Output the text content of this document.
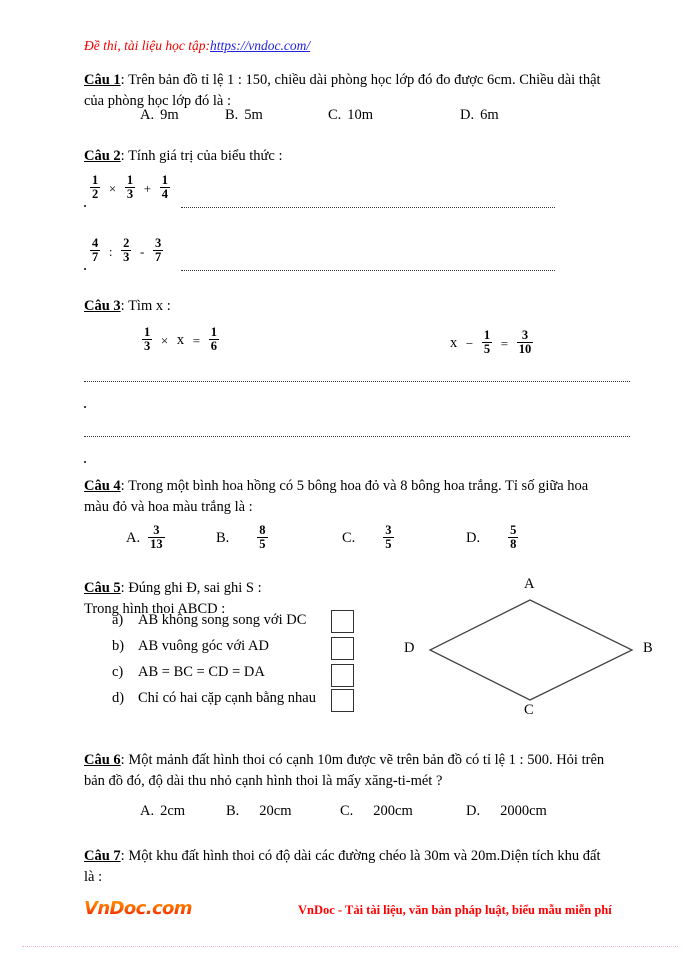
Đề thi, tài liệu học tập:https://vndoc.com/
Câu 1: Trên bản đồ tỉ lệ 1 : 150, chiều dài phòng học lớp đó đo được 6cm. Chiều dài thật
của phòng học lớp đó là :
A. 9m	B. 5m	C. 10m	D. 6m
Câu 2: Tính giá trị của biểu thức :
$\frac{1}{2} \times \frac{1}{3} + \frac{1}{4}$
$\frac{4}{7}$ : $\frac{2}{3} - \frac{3}{7}$
Câu 3: Tìm x :
$\frac{1}{3} \times x = \frac{1}{6}$	$x - \frac{1}{5} = \frac{3}{10}$
Câu 4: Trong một bình hoa hồng có 5 bông hoa đỏ và 8 bông hoa trắng. Tỉ số giữa hoa
màu đỏ và hoa màu trắng là :
A. $\frac{3}{13}$	B. $\frac{8}{5}$	C. $\frac{3}{5}$	D. $\frac{5}{8}$
Câu 5: Đúng ghi Đ, sai ghi S :
Trong hình thoi ABCD :
a) AB không song song với DC
b) AB vuông góc với AD
c) AB = BC = CD = DA
d) Chỉ có hai cặp cạnh bằng nhau
A
B
C
D
Câu 6: Một mảnh đất hình thoi có cạnh 10m được vẽ trên bản đồ có tỉ lệ 1 : 500. Hỏi trên
bản đồ đó, độ dài thu nhỏ cạnh hình thoi là mấy xăng-ti-mét ?
A. 2cm	B. 20cm	C. 200cm	D. 2000cm
Câu 7: Một khu đất hình thoi có độ dài các đường chéo là 30m và 20m.Diện tích khu đất
là :
VnDoc.com	VnDoc - Tải tài liệu, văn bản pháp luật, biểu mẫu miễn phí
